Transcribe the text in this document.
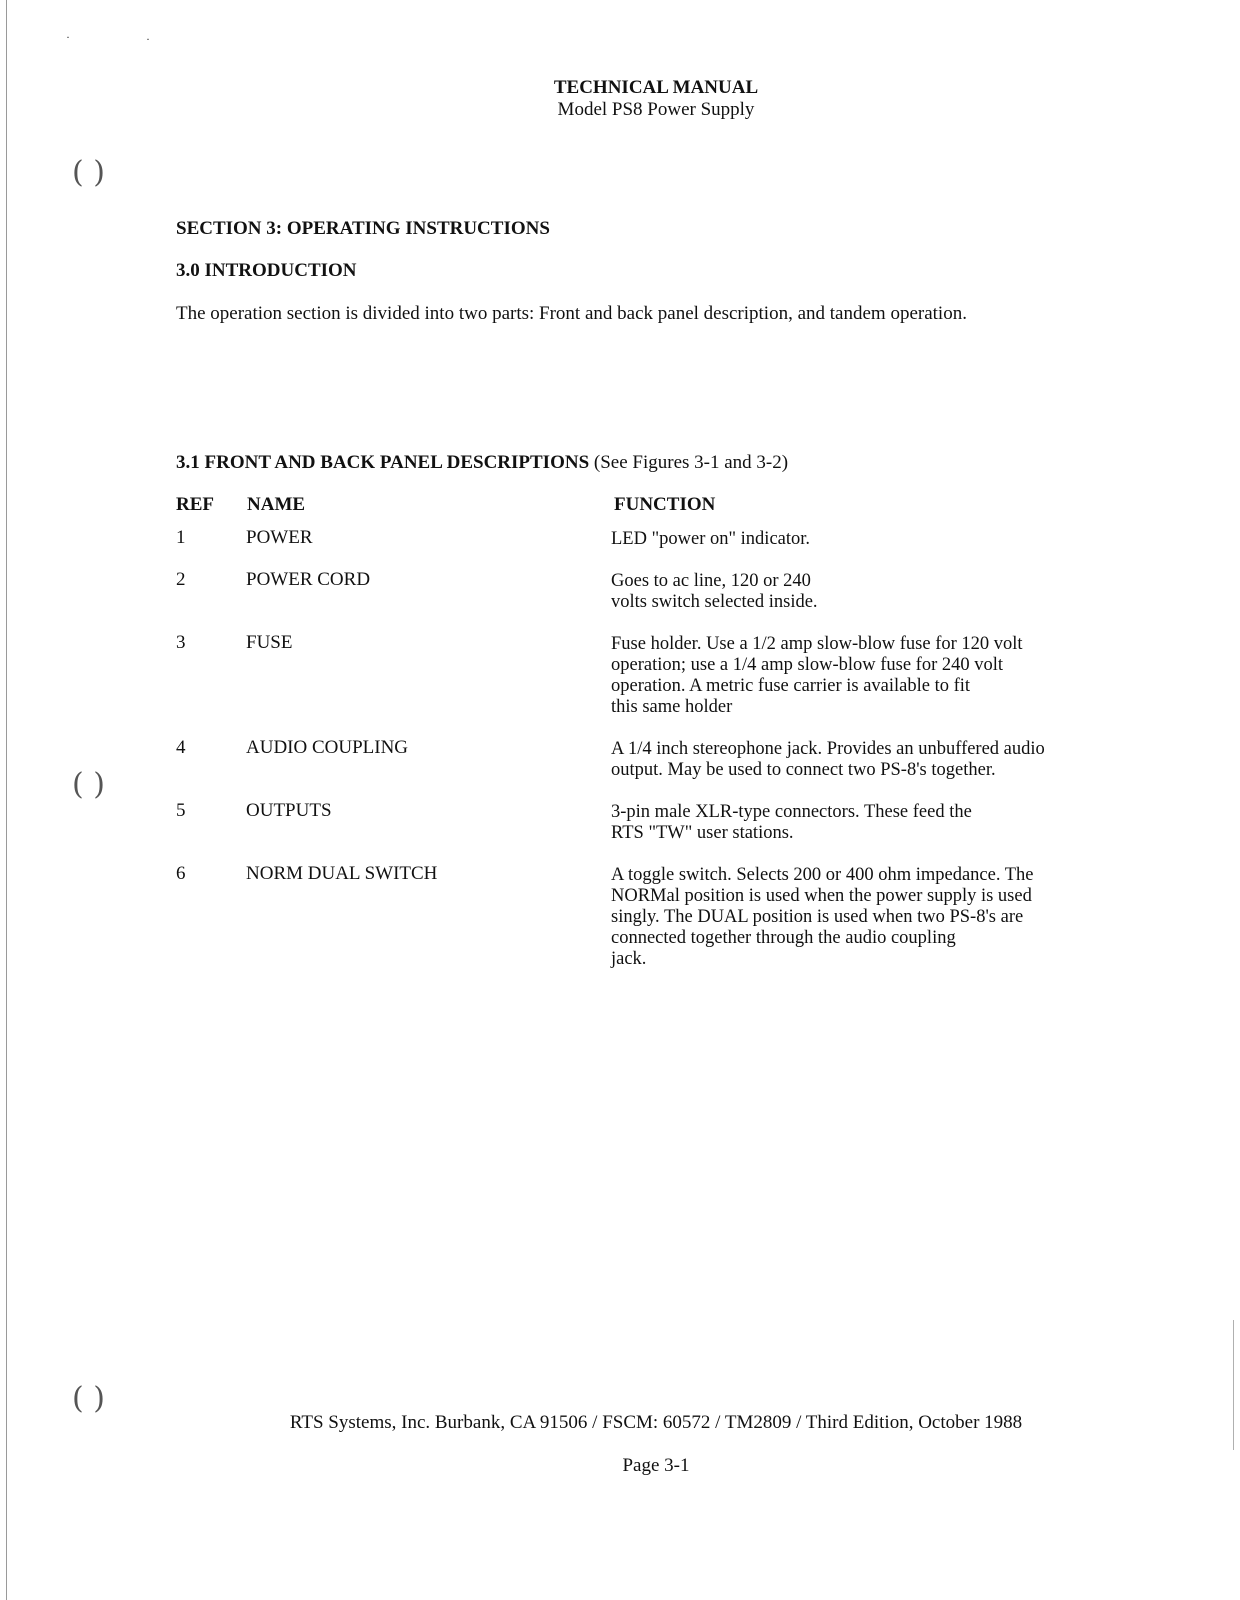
·	·
( )
( )
( )
TECHNICAL MANUAL
Model PS8 Power Supply
SECTION 3: OPERATING INSTRUCTIONS
3.0 INTRODUCTION
The operation section is divided into two parts: Front and back panel description, and tandem operation.
3.1 FRONT AND BACK PANEL DESCRIPTIONS (See Figures 3-1 and 3-2)
REF NAME	FUNCTION
1	POWER	LED "power on" indicator.
2	POWER CORD	Goes to ac line, 120 or 240
volts switch selected inside.
3	FUSE	Fuse holder. Use a 1/2 amp slow-blow fuse for 120 volt
operation; use a 1/4 amp slow-blow fuse for 240 volt
operation. A metric fuse carrier is available to fit
this same holder
4	AUDIO COUPLING	A 1/4 inch stereophone jack. Provides an unbuffered audio
output. May be used to connect two PS-8's together.
5	OUTPUTS	3-pin male XLR-type connectors. These feed the
RTS "TW" user stations.
6	NORM DUAL SWITCH	A toggle switch. Selects 200 or 400 ohm impedance. The
NORMal position is used when the power supply is used
singly. The DUAL position is used when two PS-8's are
connected together through the audio coupling
jack.
RTS Systems, Inc. Burbank, CA 91506 / FSCM: 60572 / TM2809 / Third Edition, October 1988
Page 3-1
